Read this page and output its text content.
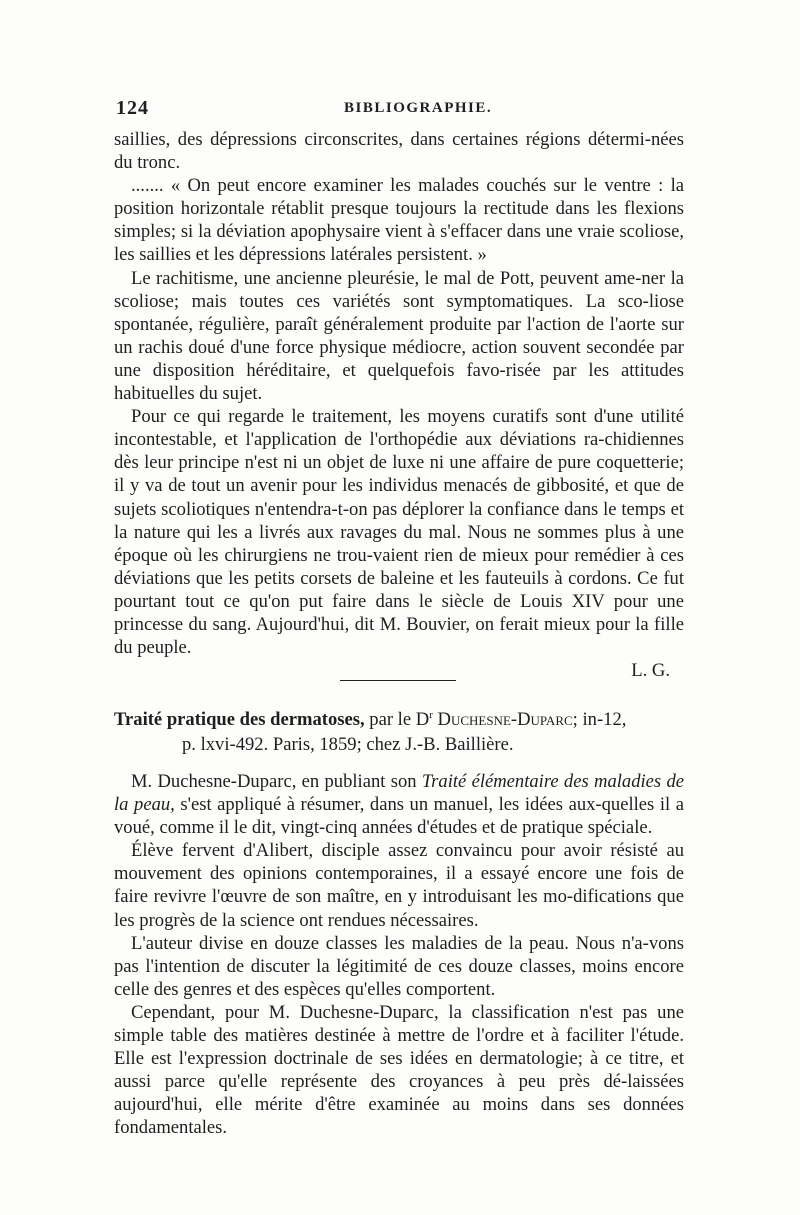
124	BIBLIOGRAPHIE.

saillies, des dépressions circonscrites, dans certaines régions détermi-nées du tronc.

....... « On peut encore examiner les malades couchés sur le ventre : la position horizontale rétablit presque toujours la rectitude dans les flexions simples; si la déviation apophysaire vient à s'effacer dans une vraie scoliose, les saillies et les dépressions latérales persistent. »

Le rachitisme, une ancienne pleurésie, le mal de Pott, peuvent ame-ner la scoliose; mais toutes ces variétés sont symptomatiques. La sco-liose spontanée, régulière, paraît généralement produite par l'action de l'aorte sur un rachis doué d'une force physique médiocre, action souvent secondée par une disposition héréditaire, et quelquefois favo-risée par les attitudes habituelles du sujet.

Pour ce qui regarde le traitement, les moyens curatifs sont d'une utilité incontestable, et l'application de l'orthopédie aux déviations ra-chidiennes dès leur principe n'est ni un objet de luxe ni une affaire de pure coquetterie; il y va de tout un avenir pour les individus menacés de gibbosité, et que de sujets scoliotiques n'entendra-t-on pas déplorer la confiance dans le temps et la nature qui les a livrés aux ravages du mal. Nous ne sommes plus à une époque où les chirurgiens ne trou-vaient rien de mieux pour remédier à ces déviations que les petits corsets de baleine et les fauteuils à cordons. Ce fut pourtant tout ce qu'on put faire dans le siècle de Louis XIV pour une princesse du sang. Aujourd'hui, dit M. Bouvier, on ferait mieux pour la fille du peuple.

L. G.

Traité pratique des dermatoses, par le $D^r$ Duchesne-Duparc; in-12,
p. lxvi-492. Paris, 1859; chez J.-B. Baillière.

M. Duchesne-Duparc, en publiant son Traité élémentaire des maladies de la peau, s'est appliqué à résumer, dans un manuel, les idées aux-quelles il a voué, comme il le dit, vingt-cinq années d'études et de pratique spéciale.

Élève fervent d'Alibert, disciple assez convaincu pour avoir résisté au mouvement des opinions contemporaines, il a essayé encore une fois de faire revivre l'œuvre de son maître, en y introduisant les mo-difications que les progrès de la science ont rendues nécessaires.

L'auteur divise en douze classes les maladies de la peau. Nous n'a-vons pas l'intention de discuter la légitimité de ces douze classes, moins encore celle des genres et des espèces qu'elles comportent.

Cependant, pour M. Duchesne-Duparc, la classification n'est pas une simple table des matières destinée à mettre de l'ordre et à faciliter l'étude. Elle est l'expression doctrinale de ses idées en dermatologie; à ce titre, et aussi parce qu'elle représente des croyances à peu près dé-laissées aujourd'hui, elle mérite d'être examinée au moins dans ses données fondamentales.
